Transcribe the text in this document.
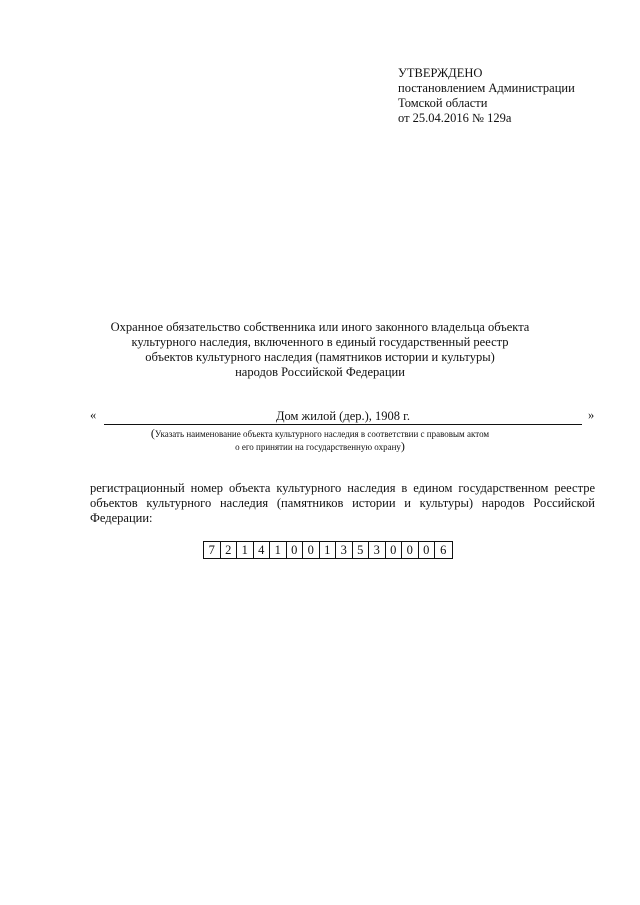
УТВЕРЖДЕНО
постановлением Администрации
Томской области
от 25.04.2016 № 129а
Охранное обязательство собственника или иного законного владельца объекта
культурного наследия, включенного в единый государственный реестр
объектов культурного наследия (памятников истории и культуры)
народов Российской Федерации
«	Дом жилой (дер.), 1908 г.	»
(Указать наименование объекта культурного наследия в соответствии с правовым актом
о его принятии на государственную охрану)
регистрационный номер объекта культурного наследия в едином государственном реестре
объектов культурного наследия (памятников истории и культуры) народов Российской
Федерации:
7 2 1 4 1 0 0 1 3 5 3 0 0 0 6
